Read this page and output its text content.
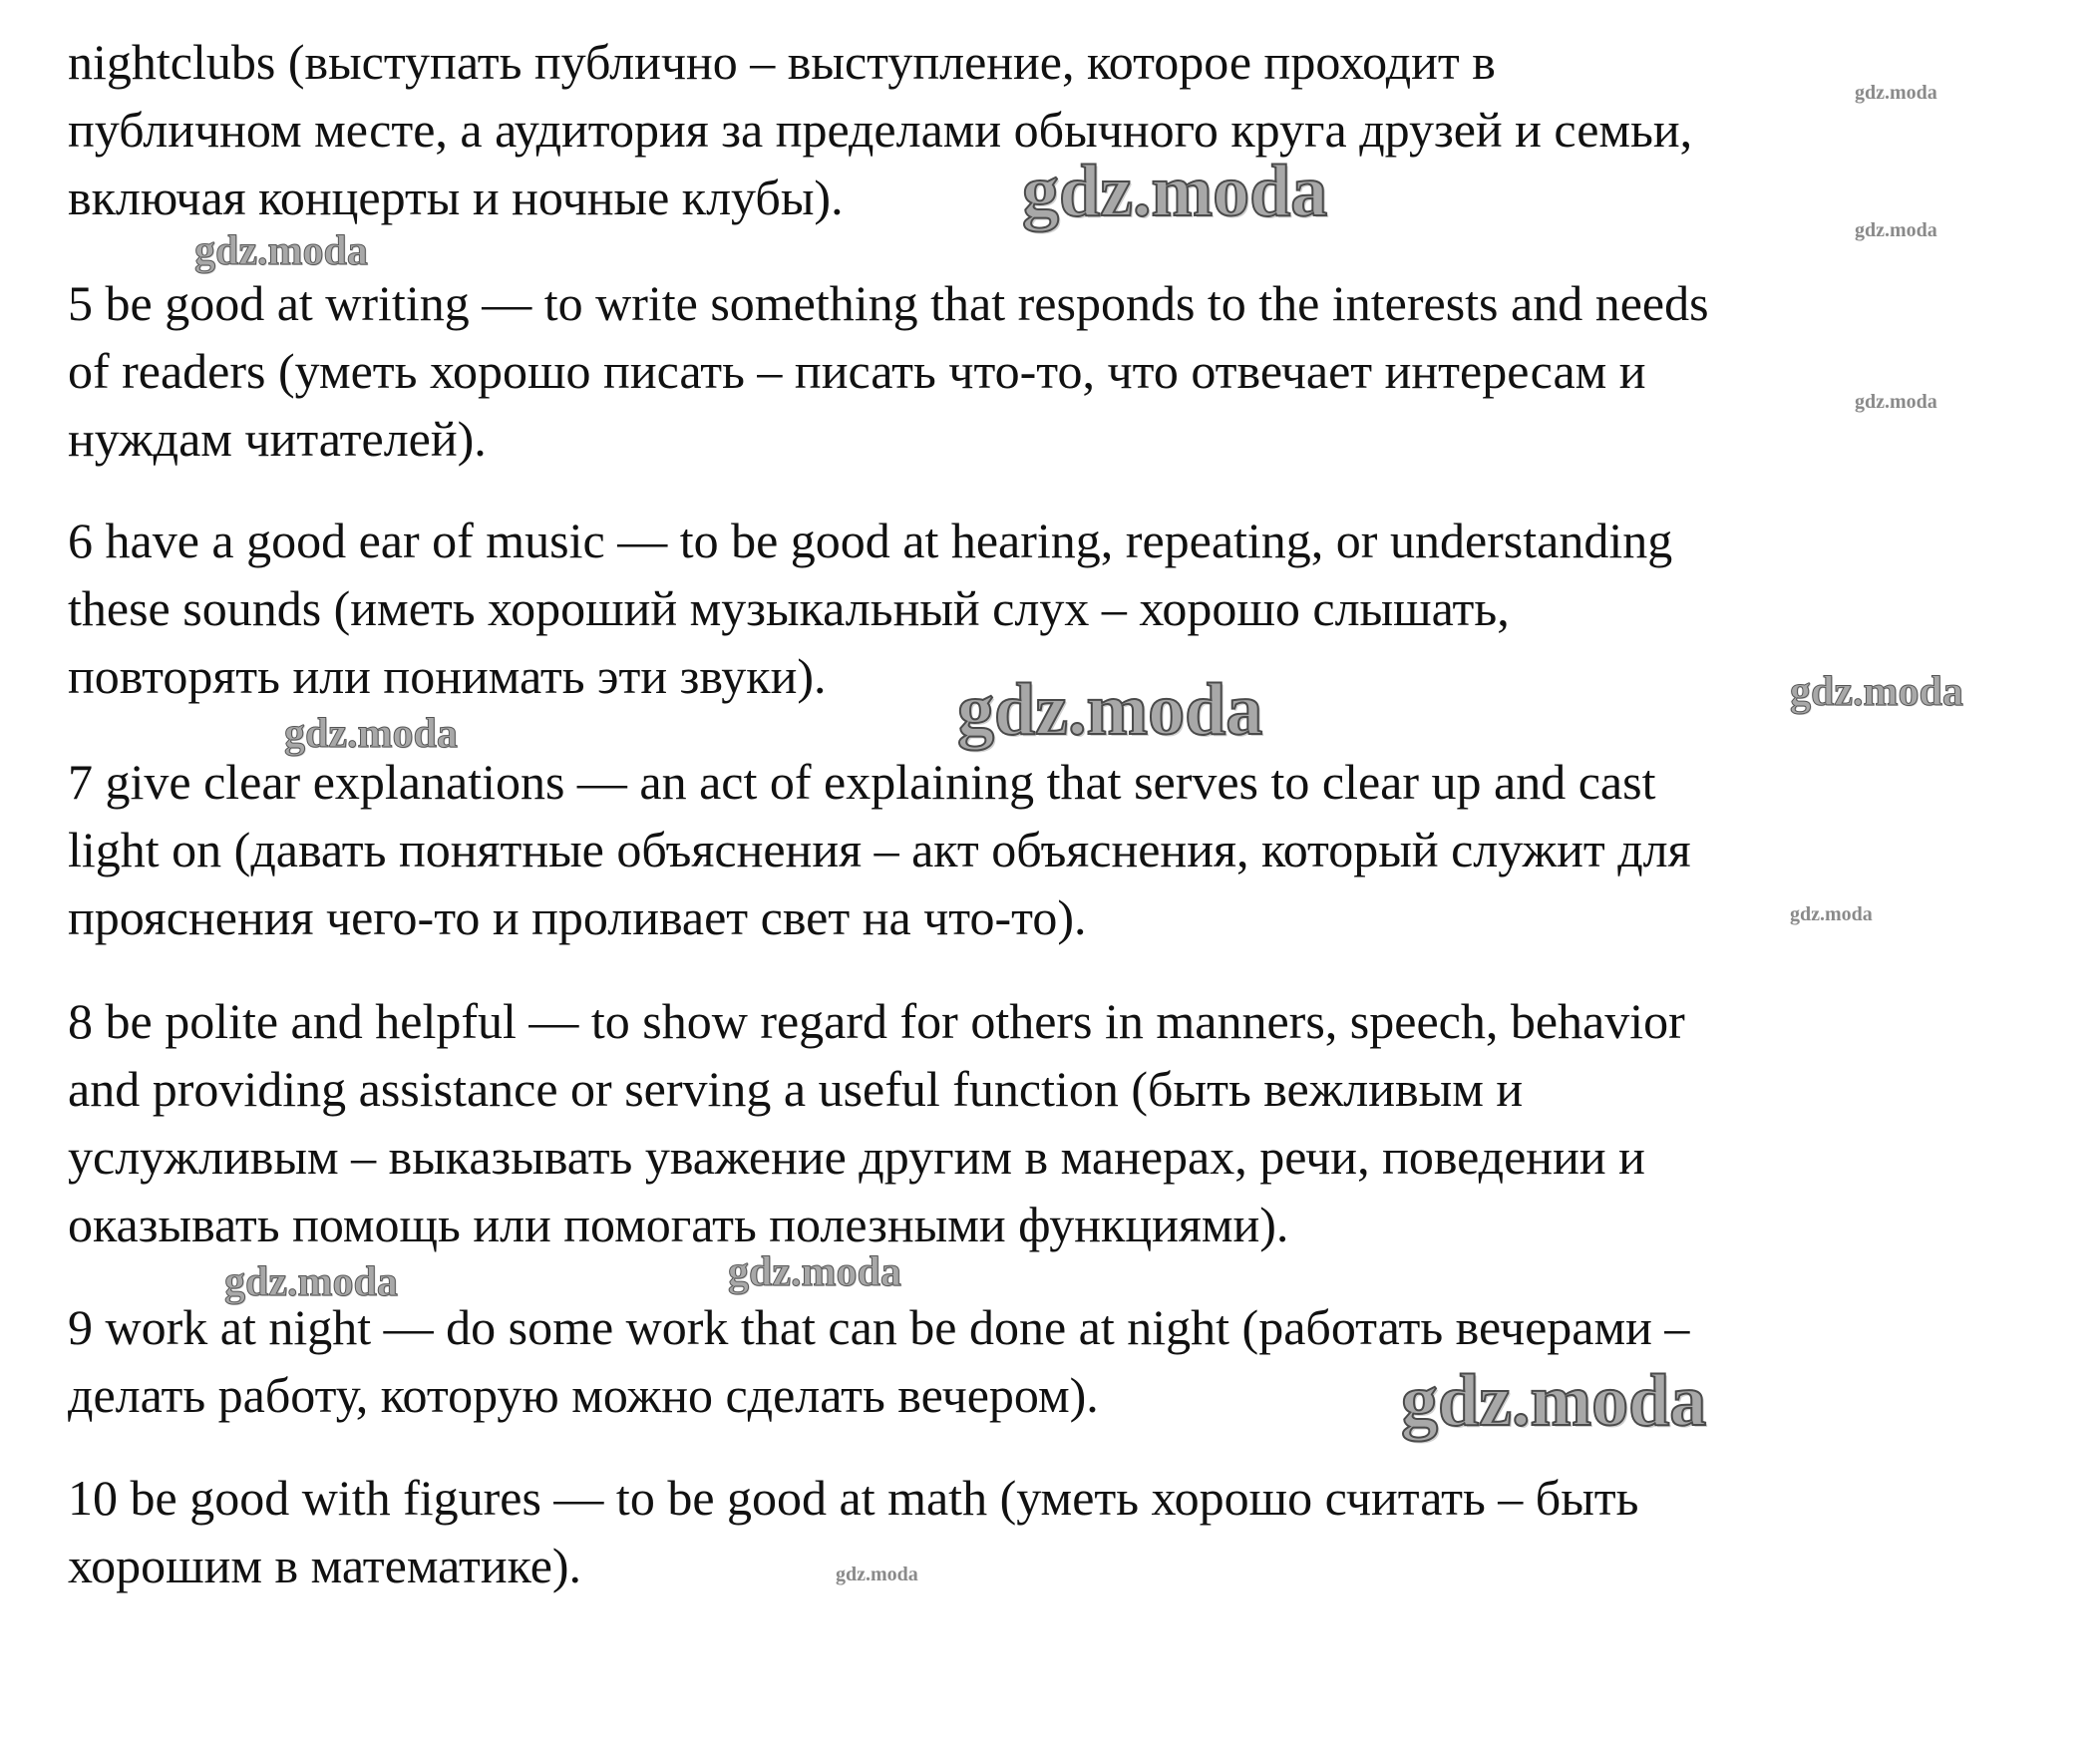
nightclubs (выступать публично – выступление, которое проходит в
публичном месте, а аудитория за пределами обычного круга друзей и семьи,
включая концерты и ночные клубы).
5 be good at writing — to write something that responds to the interests and needs
of readers (уметь хорошо писать – писать что-то, что отвечает интересам и
нуждам читателей).
6 have a good ear of music — to be good at hearing, repeating, or understanding
these sounds (иметь хороший музыкальный слух – хорошо слышать,
повторять или понимать эти звуки).
7 give clear explanations — an act of explaining that serves to clear up and cast
light on (давать понятные объяснения – акт объяснения, который служит для
прояснения чего-то и проливает свет на что-то).
8 be polite and helpful — to show regard for others in manners, speech, behavior
and providing assistance or serving a useful function (быть вежливым и
услужливым – выказывать уважение другим в манерах, речи, поведении и
оказывать помощь или помогать полезными функциями).
9 work at night — do some work that can be done at night (работать вечерами –
делать работу, которую можно сделать вечером).
10 be good with figures — to be good at math (уметь хорошо считать – быть
хорошим в математике).
gdz.moda
gdz.moda	gdz.moda
gdz.moda
gdz.moda
gdz.moda	gdz.moda
gdz.moda
gdz.moda
gdz.moda
gdz.moda
gdz.moda
gdz.moda
